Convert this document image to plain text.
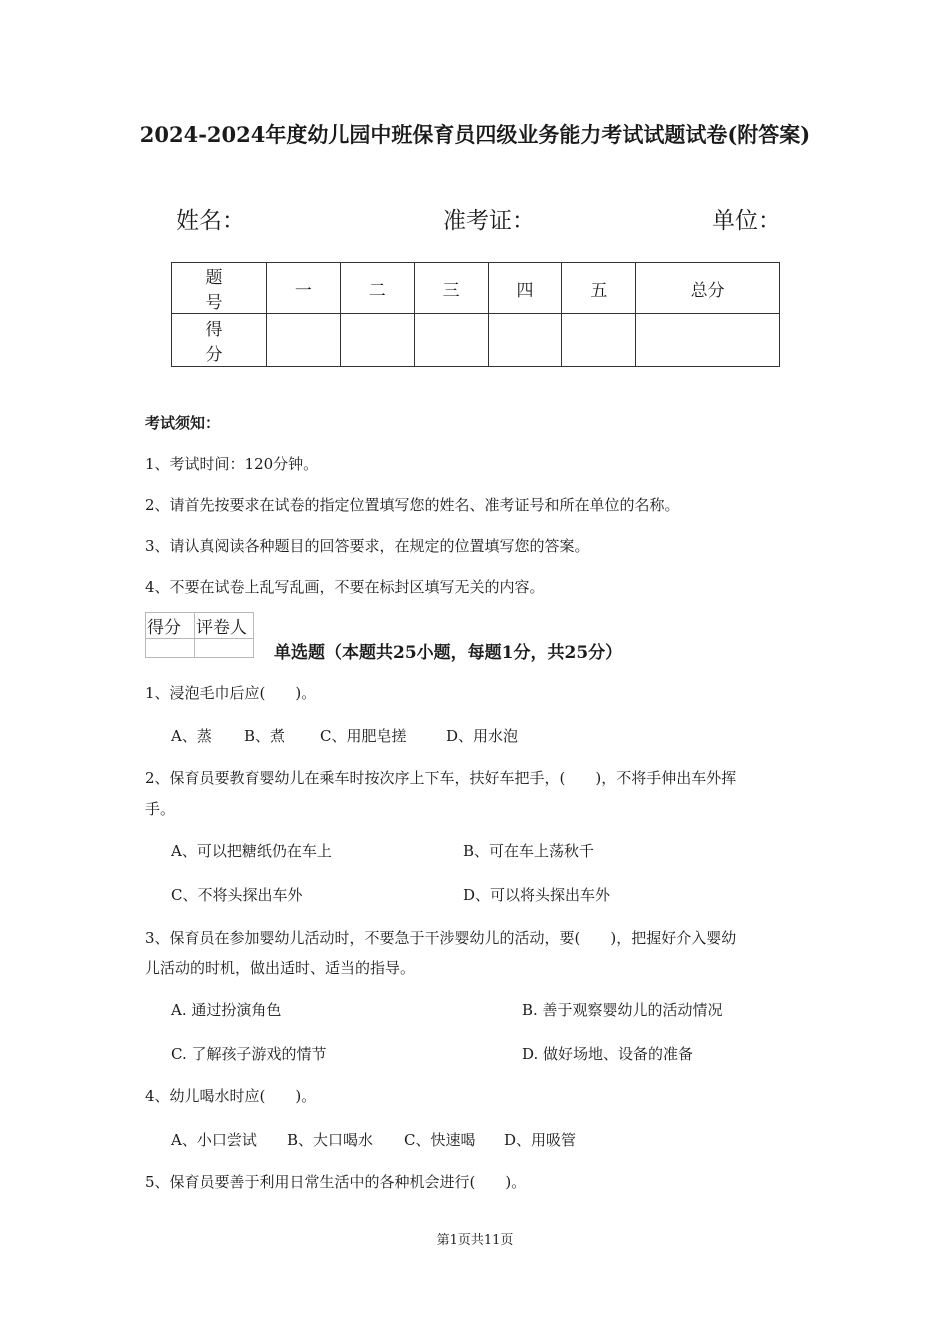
2024-2024年度幼儿园中班保育员四级业务能力考试试题试卷(附答案)
姓名：	准考证：	单位：
题　号	一	二	三	四	五	总分
得　分						
考试须知：
1、考试时间：120分钟。
2、请首先按要求在试卷的指定位置填写您的姓名、准考证号和所在单位的名称。
3、请认真阅读各种题目的回答要求，在规定的位置填写您的答案。
4、不要在试卷上乱写乱画，不要在标封区填写无关的内容。
得分	评卷人

单选题（本题共25小题，每题1分，共25分）
1、浸泡毛巾后应(　　)。
A、蒸 B、煮 C、用肥皂搓	D、用水泡
2、保育员要教育婴幼儿在乘车时按次序上下车，扶好车把手，(　　)，不将手伸出车外挥
手。
A、可以把糖纸仍在车上	B、可在车上荡秋千
C、不将头探出车外	D、可以将头探出车外
3、保育员在参加婴幼儿活动时，不要急于干涉婴幼儿的活动，要(　　)，把握好介入婴幼
儿活动的时机，做出适时、适当的指导。
A. 通过扮演角色	B. 善于观察婴幼儿的活动情况
C. 了解孩子游戏的情节	D. 做好场地、设备的准备
4、幼儿喝水时应(　　)。
A、小口尝试 B、大口喝水 C、快速喝 D、用吸管
5、保育员要善于利用日常生活中的各种机会进行(　　)。
第1页共11页
